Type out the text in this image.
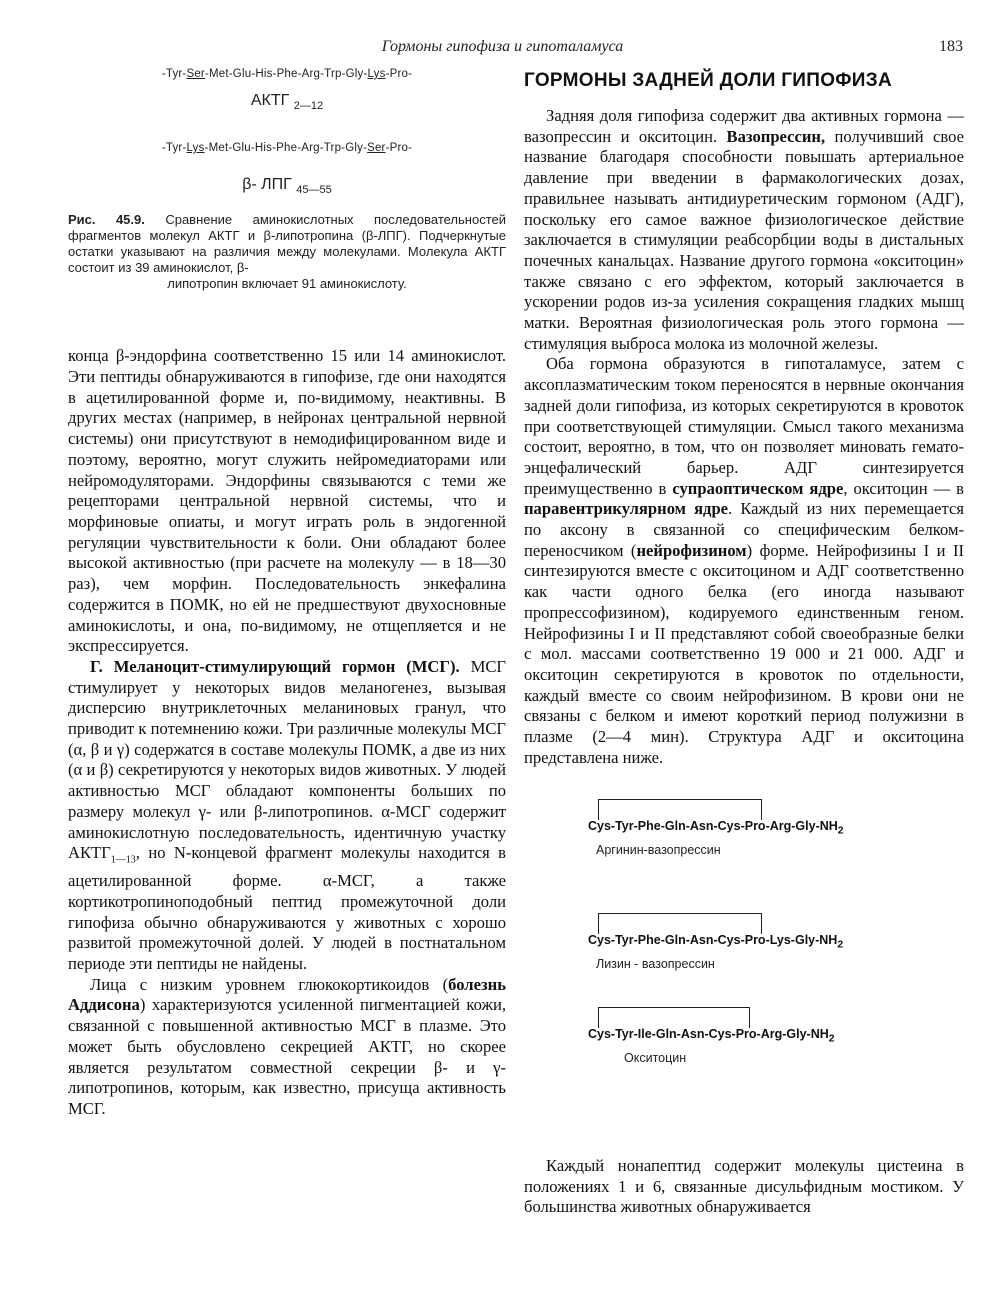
Гормоны гипофиза и гипоталамуса	183
-Tyr-Ser-Met-Glu-His-Phe-Arg-Trp-Gly-Lys-Pro-
АКТГ $_{2—12}$
-Tyr-Lys-Met-Glu-His-Phe-Arg-Trp-Gly-Ser-Pro-
β- ЛПГ $_{45—55}$
Рис. 45.9. Сравнение аминокислотных последовательностей фрагментов молекул АКТГ и β-липотропина (β-ЛПГ). Подчеркнутые остатки указывают на различия между молекулами. Молекула АКТГ состоит из 39 аминокислот, β-
липотропин включает 91 аминокислоту.

конца β-эндорфина соответственно 15 или 14 аминокислот. Эти пептиды обнаруживаются в гипофизе, где они находятся в ацетилированной форме и, по-видимому, неактивны. В других местах (например, в нейронах центральной нервной системы) они присутствуют в немодифицированном виде и поэтому, вероятно, могут служить нейромедиаторами или нейромодуляторами. Эндорфины связываются с теми же рецепторами центральной нервной системы, что и морфиновые опиаты, и могут играть роль в эндогенной регуляции чувствительности к боли. Они обладают более высокой активностью (при расчете на молекулу — в 18—30 раз), чем морфин. Последовательность энкефалина содержится в ПОМК, но ей не предшествуют двухосновные аминокислоты, и она, по-видимому, не отщепляется и не экспрессируется.

Г. Меланоцит-стимулирующий гормон (МСГ). МСГ стимулирует у некоторых видов меланогенез, вызывая дисперсию внутриклеточных меланиновых гранул, что приводит к потемнению кожи. Три различные молекулы МСГ (α, β и γ) содержатся в составе молекулы ПОМК, а две из них (α и β) секретируются у некоторых видов животных. У людей активностью МСГ обладают компоненты больших по размеру молекул γ- или β-липотропинов. α-МСГ содержит аминокислотную последовательность, идентичную участку $АКТГ_{1—13}$, но N-концевой фрагмент молекулы находится в ацетилированной форме. α-МСГ, а также кортикотропиноподобный пептид промежуточной доли гипофиза обычно обнаруживаются у животных с хорошо развитой промежуточной долей. У людей в постнатальном периоде эти пептиды не найдены.

Лица с низким уровнем глюкокортикоидов (болезнь Аддисона) характеризуются усиленной пигментацией кожи, связанной с повышенной активностью МСГ в плазме. Это может быть обусловлено секрецией АКТГ, но скорее является результатом совместной секреции β- и γ-липотропинов, которым, как известно, присуща активность МСГ.

ГОРМОНЫ ЗАДНЕЙ ДОЛИ ГИПОФИЗА

Задняя доля гипофиза содержит два активных гормона — вазопрессин и окситоцин. Вазопрессин, получивший свое название благодаря способности повышать артериальное давление при введении в фармакологических дозах, правильнее называть антидиуретическим гормоном (АДГ), поскольку его самое важное физиологическое действие заключается в стимуляции реабсорбции воды в дистальных почечных канальцах. Название другого гормона «окситоцин» также связано с его эффектом, который заключается в ускорении родов из-за усиления сокращения гладких мышц матки. Вероятная физиологическая роль этого гормона — стимуляция выброса молока из молочной железы.

Оба гормона образуются в гипоталамусе, затем с аксоплазматическим током переносятся в нервные окончания задней доли гипофиза, из которых секретируются в кровоток при соответствующей стимуляции. Смысл такого механизма состоит, вероятно, в том, что он позволяет миновать гемато-энцефалический барьер. АДГ синтезируется преимущественно в супраоптическом ядре, окситоцин — в паравентрикулярном ядре. Каждый из них перемещается по аксону в связанной со специфическим белком- переносчиком (нейрофизином) форме. Нейрофизины I и II синтезируются вместе с окситоцином и АДГ соответственно как части одного белка (его иногда называют пропрессофизином), кодируемого единственным геном. Нейрофизины I и II представляют собой своеобразные белки с мол. массами соответственно 19 000 и 21 000. АДГ и окситоцин секретируются в кровоток по отдельности, каждый вместе со своим нейрофизином. В крови они не связаны с белком и имеют короткий период полужизни в плазме (2—4 мин). Структура АДГ и окситоцина представлена ниже.

Cys-$Tyr-Phe-Gln-Asn-Cys-Pro-Arg-Gly-NH_2$
Аргинин-вазопрессин
Cys-$Tyr-Phe-Gln-Asn-Cys-Pro-Lys-Gly-NH_2$
Лизин - вазопрессин
Cys-$Tyr-Ile-Gln-Asn-Cys-Pro-Arg-Gly-NH_2$
Окситоцин

Каждый нонапептид содержит молекулы цистеина в положениях 1 и 6, связанные дисульфидным мостиком. У большинства животных обнаруживается
